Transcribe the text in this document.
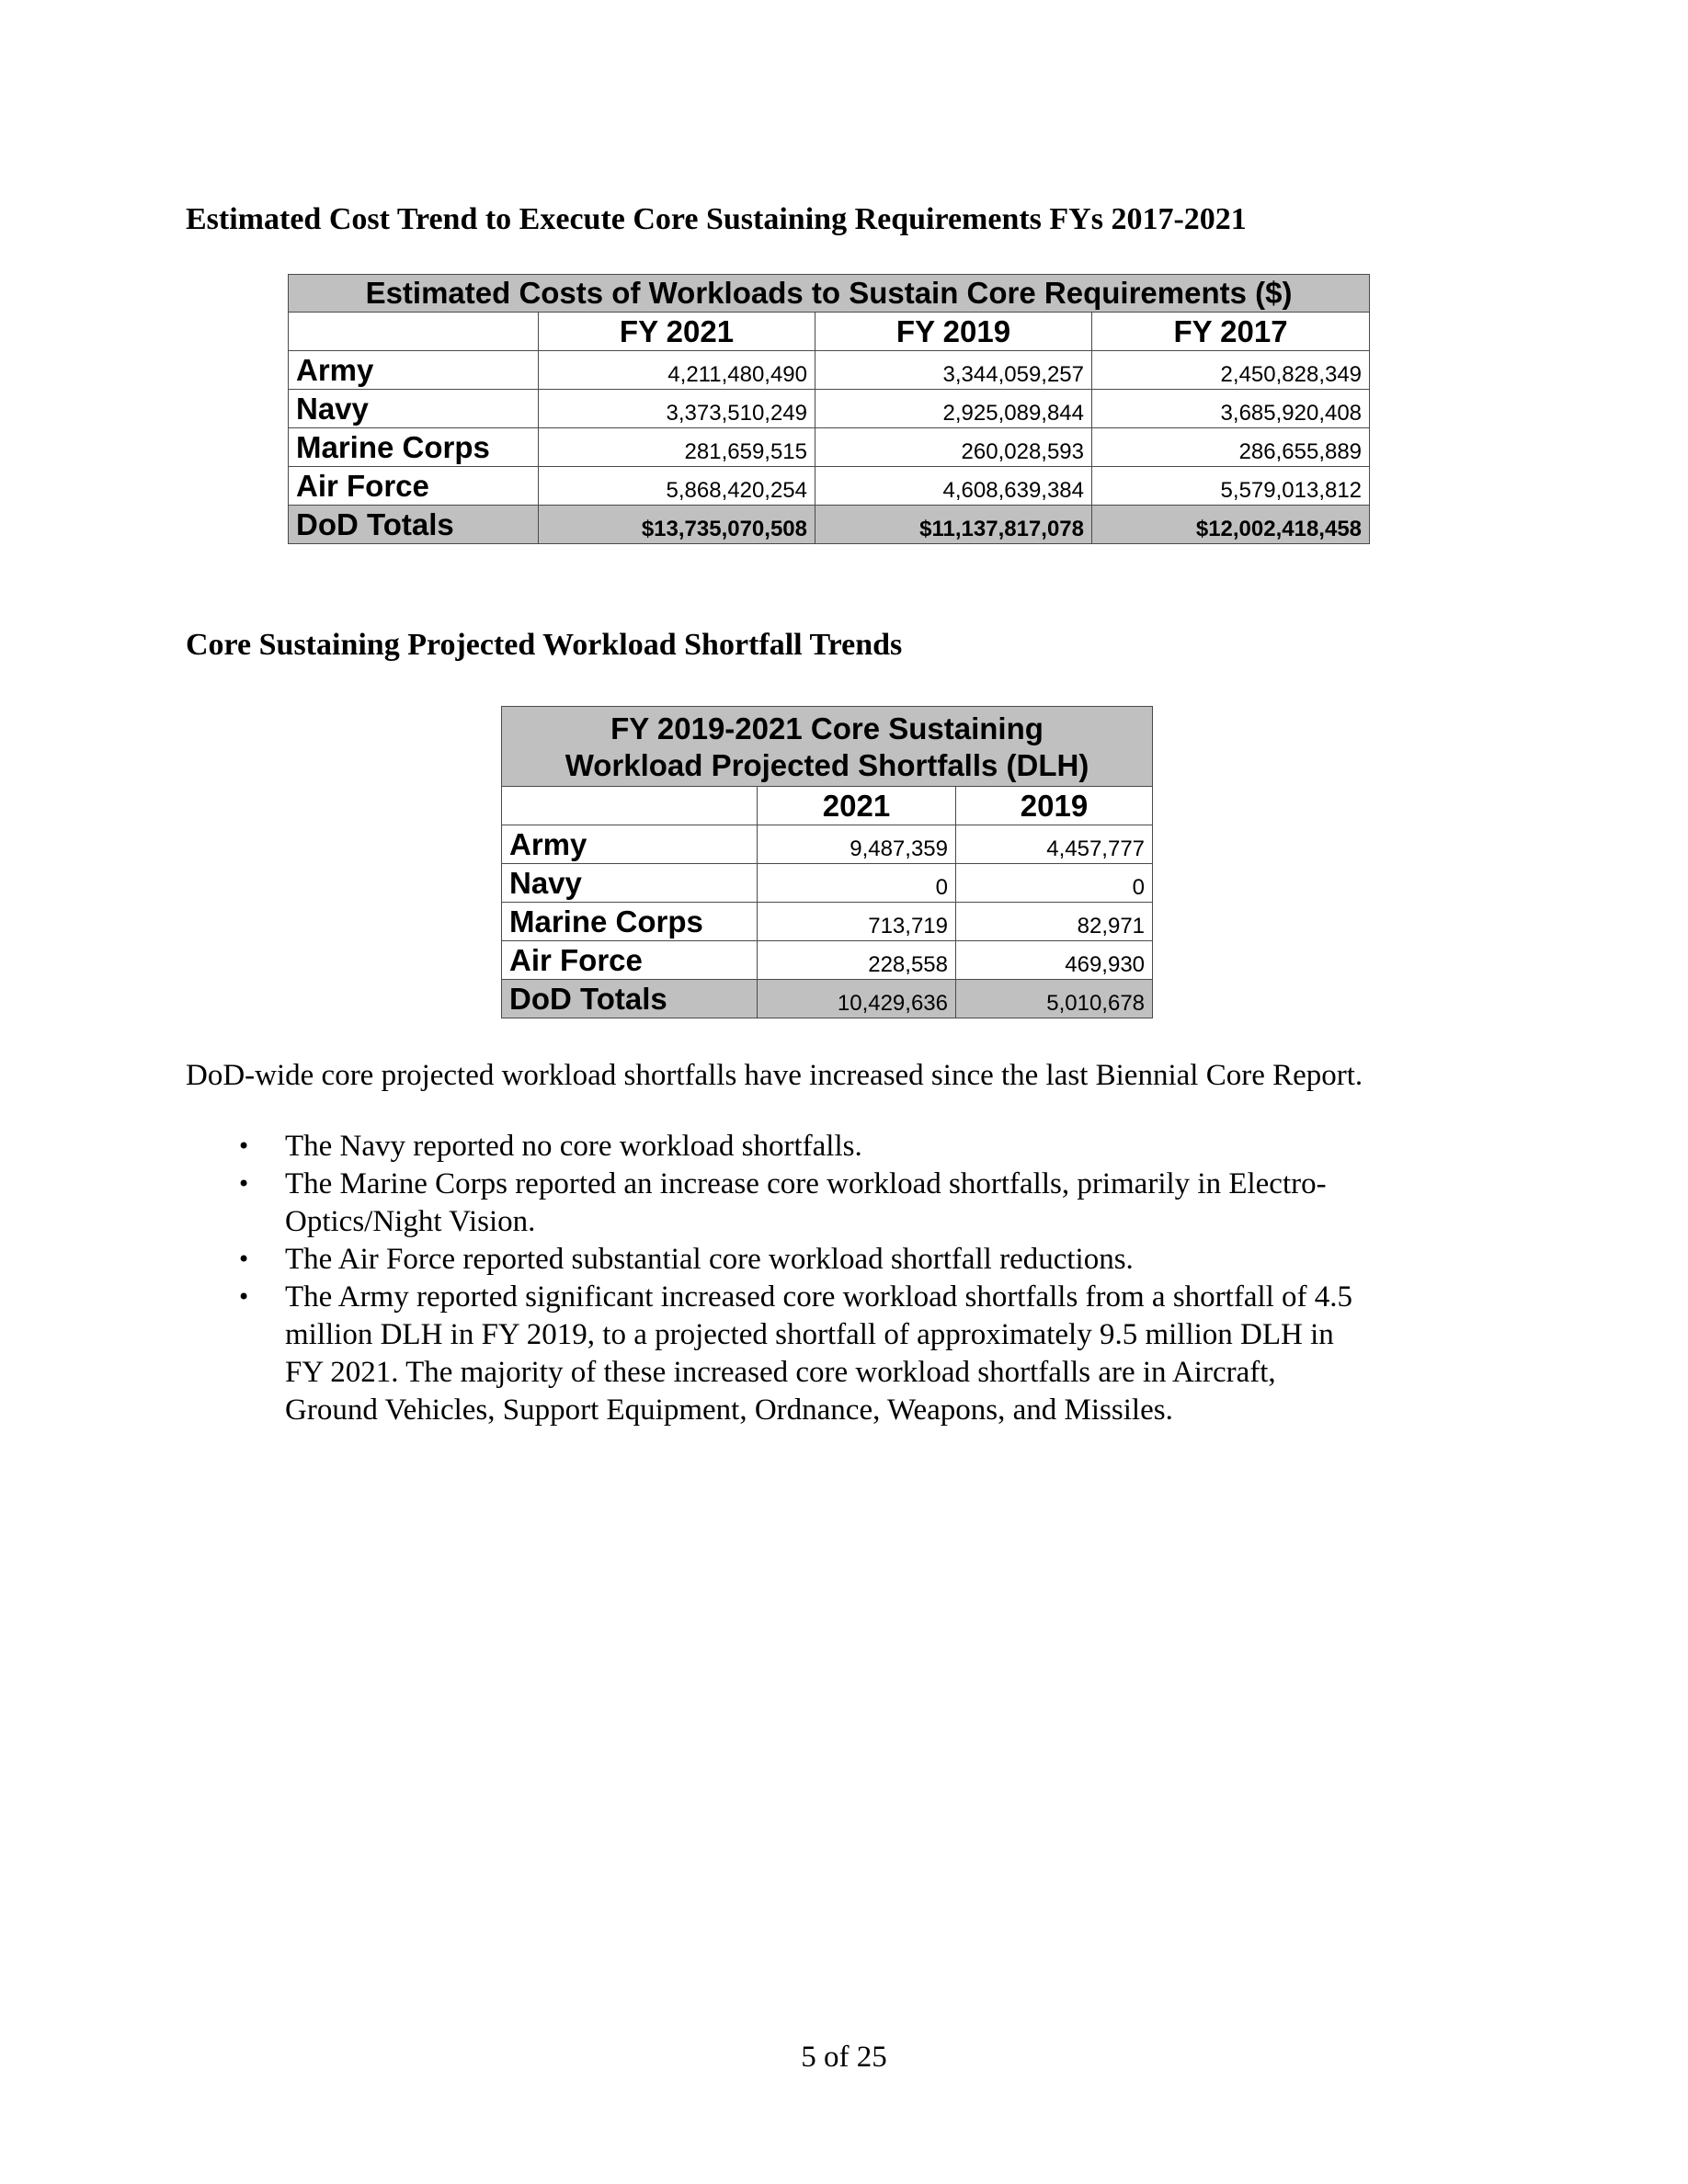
Estimated Cost Trend to Execute Core Sustaining Requirements FYs 2017-2021
Estimated Costs of Workloads to Sustain Core Requirements ($)			
	FY 2021	FY 2019	FY 2017
Army	4,211,480,490	3,344,059,257	2,450,828,349
Navy	3,373,510,249	2,925,089,844	3,685,920,408
Marine Corps	281,659,515	260,028,593	286,655,889
Air Force	5,868,420,254	4,608,639,384	5,579,013,812
DoD Totals	$13,735,070,508	$11,137,817,078	$12,002,418,458
Core Sustaining Projected Workload Shortfall Trends
FY 2019-2021 Core Sustaining
Workload Projected Shortfalls (DLH)		

	2021	2019
Army	9,487,359	4,457,777
Navy	0	0
Marine Corps	713,719	82,971
Air Force	228,558	469,930
DoD Totals	10,429,636	5,010,678

DoD-wide core projected workload shortfalls have increased since the last Biennial Core Report.

• The Navy reported no core workload shortfalls.
• The Marine Corps reported an increase core workload shortfalls, primarily in Electro-
Optics/Night Vision.
• The Air Force reported substantial core workload shortfall reductions.
• The Army reported significant increased core workload shortfalls from a shortfall of 4.5
million DLH in FY 2019, to a projected shortfall of approximately 9.5 million DLH in
FY 2021. The majority of these increased core workload shortfalls are in Aircraft,
Ground Vehicles, Support Equipment, Ordnance, Weapons, and Missiles.
5 of 25
